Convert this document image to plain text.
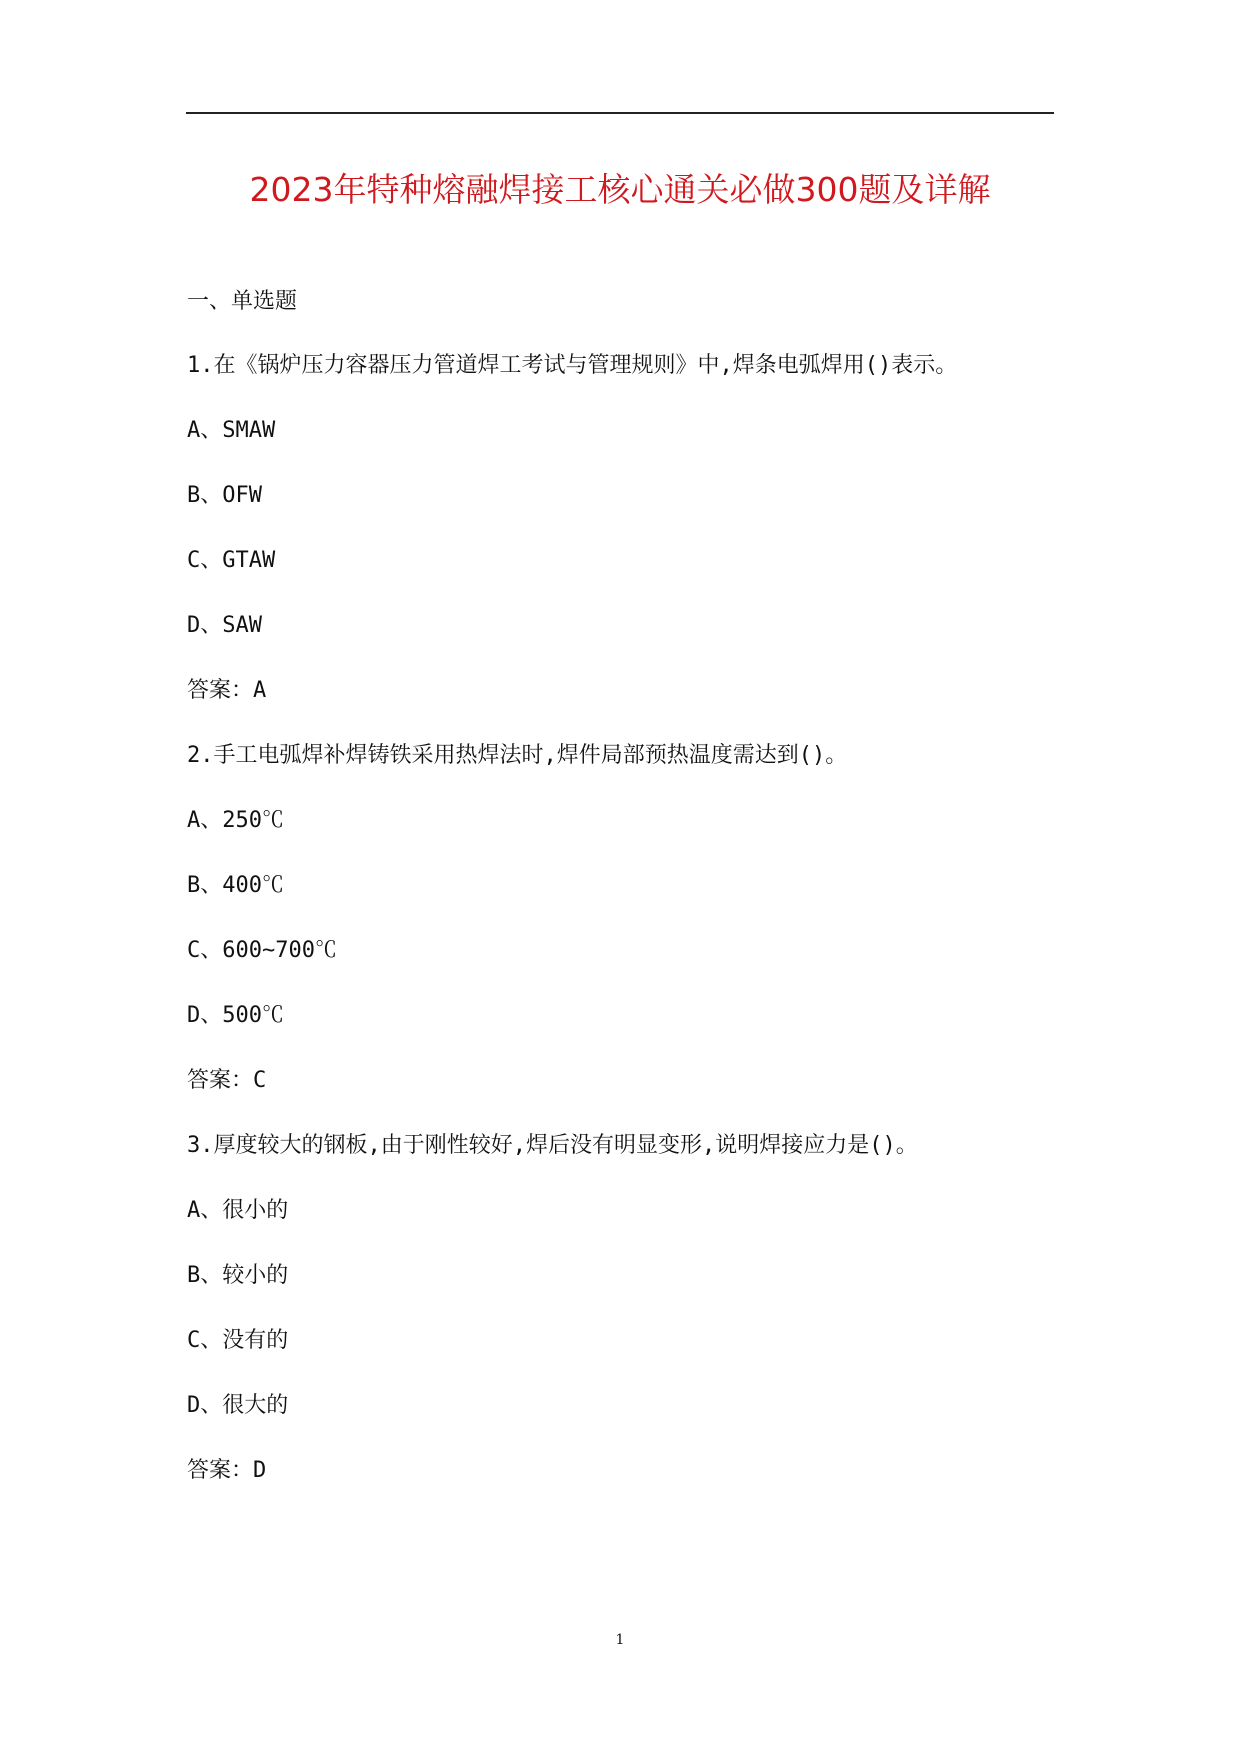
2023年特种熔融焊接工核心通关必做300题及详解
一、单选题
1.在《锅炉压力容器压力管道焊工考试与管理规则》中,焊条电弧焊用()表示。
A、SMAW
B、OFW
C、GTAW
D、SAW
答案：A
2.手工电弧焊补焊铸铁采用热焊法时,焊件局部预热温度需达到()。
A、250℃
B、400℃
C、600~700℃
D、500℃
答案：C
3.厚度较大的钢板,由于刚性较好,焊后没有明显变形,说明焊接应力是()。
A、很小的
B、较小的
C、没有的
D、很大的
答案：D
1
